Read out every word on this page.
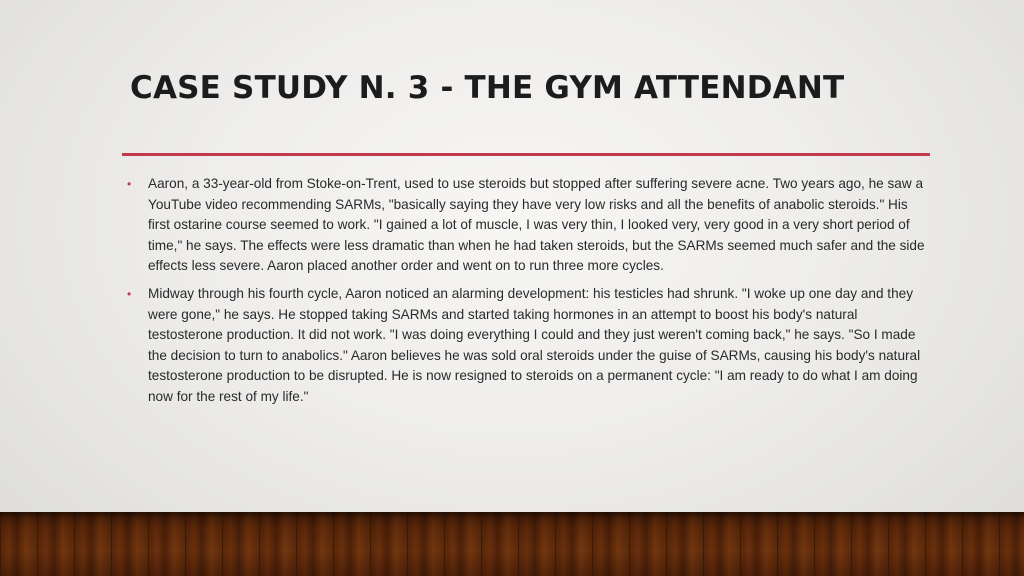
CASE STUDY N. 3 - THE GYM ATTENDANT
• Aaron, a 33-year-old from Stoke-on-Trent, used to use steroids but stopped after suffering severe acne. Two years ago, he saw a YouTube video recommending SARMs, "basically saying they have very low risks and all the benefits of anabolic steroids." His first ostarine course seemed to work. "I gained a lot of muscle, I was very thin, I looked very, very good in a very short period of time," he says. The effects were less dramatic than when he had taken steroids, but the SARMs seemed much safer and the side effects less severe. Aaron placed another order and went on to run three more cycles.
• Midway through his fourth cycle, Aaron noticed an alarming development: his testicles had shrunk. "I woke up one day and they were gone," he says. He stopped taking SARMs and started taking hormones in an attempt to boost his body's natural testosterone production. It did not work. "I was doing everything I could and they just weren't coming back," he says. "So I made the decision to turn to anabolics." Aaron believes he was sold oral steroids under the guise of SARMs, causing his body's natural testosterone production to be disrupted. He is now resigned to steroids on a permanent cycle: "I am ready to do what I am doing now for the rest of my life."
